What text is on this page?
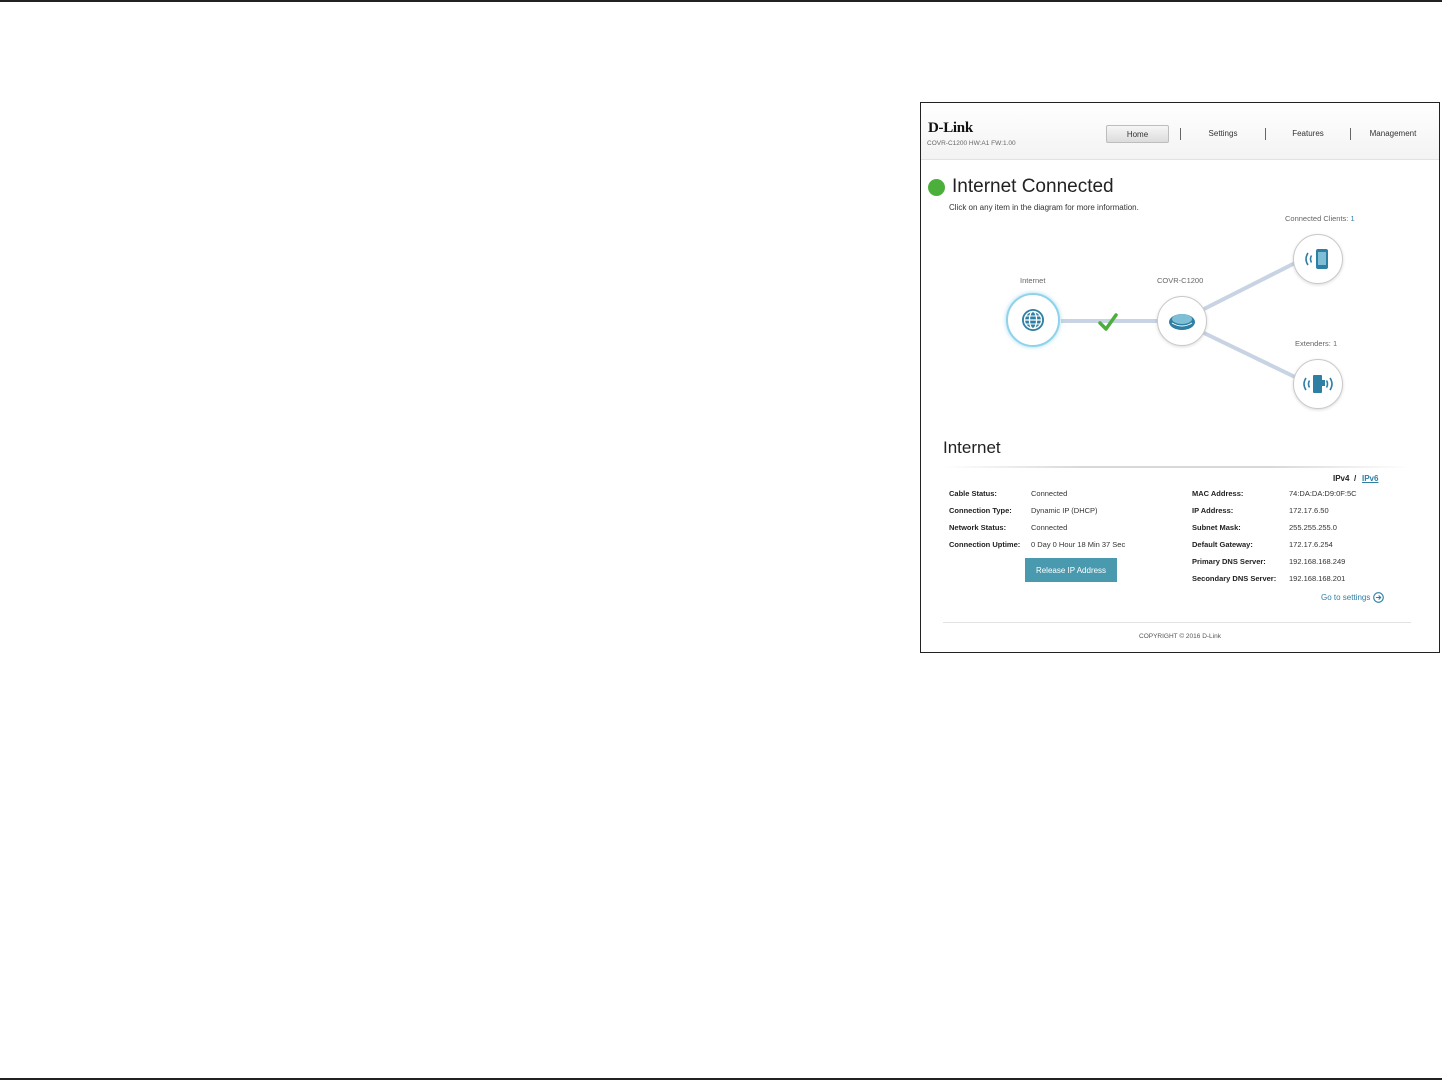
D-Link
COVR-C1200 HW:A1 FW:1.00
Home	Settings	Features	Management
Internet Connected
Click on any item in the diagram for more information.
Internet	COVR-C1200
Connected Clients: 1
Extenders: 1
Internet
IPv4 / IPv6
Cable Status:	Connected
Connection Type:	Dynamic IP (DHCP)
Network Status:	Connected
Connection Uptime: 0 Day 0 Hour 18 Min 37 Sec
MAC Address:	74:DA:DA:D9:0F:5C
IP Address:	172.17.6.50
Subnet Mask:	255.255.255.0
Default Gateway:	172.17.6.254
Primary DNS Server:	192.168.168.249
Secondary DNS Server: 192.168.168.201
Release IP Address
Go to settings
COPYRIGHT © 2016 D-Link
